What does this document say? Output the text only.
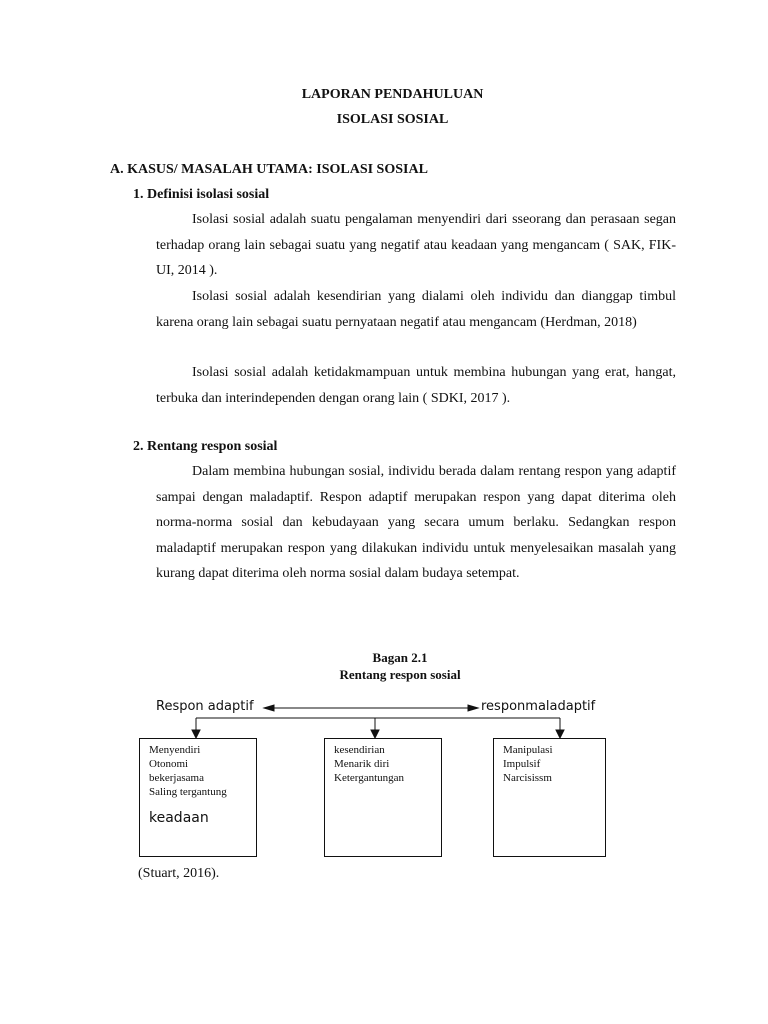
LAPORAN PENDAHULUAN
ISOLASI SOSIAL
A. KASUS/ MASALAH UTAMA: ISOLASI SOSIAL
1. Definisi isolasi sosial

Isolasi sosial adalah suatu pengalaman menyendiri dari sseorang dan perasaan segan terhadap orang lain sebagai suatu yang negatif atau keadaan yang mengancam ( SAK, FIK-UI, 2014 ).

Isolasi sosial adalah kesendirian yang dialami oleh individu dan dianggap timbul karena orang lain sebagai suatu pernyataan negatif atau mengancam (Herdman, 2018)

Isolasi sosial adalah ketidakmampuan untuk membina hubungan yang erat, hangat, terbuka dan interindependen dengan orang lain ( SDKI, 2017 ).

2. Rentang respon sosial

Dalam membina hubungan sosial, individu berada dalam rentang respon yang adaptif sampai dengan maladaptif. Respon adaptif merupakan respon yang dapat diterima oleh norma-norma sosial dan kebudayaan yang secara umum berlaku. Sedangkan respon maladaptif merupakan respon yang dilakukan individu untuk menyelesaikan masalah yang kurang dapat diterima oleh norma sosial dalam budaya setempat.

Bagan 2.1
Rentang respon sosial
Respon adaptif	responmaladaptif
Menyendiri
Otonomi
bekerjasama
Saling tergantung
keadaan
kesendirian
Menarik diri
Ketergantungan
Manipulasi
Impulsif
Narcisissm
(Stuart, 2016).
